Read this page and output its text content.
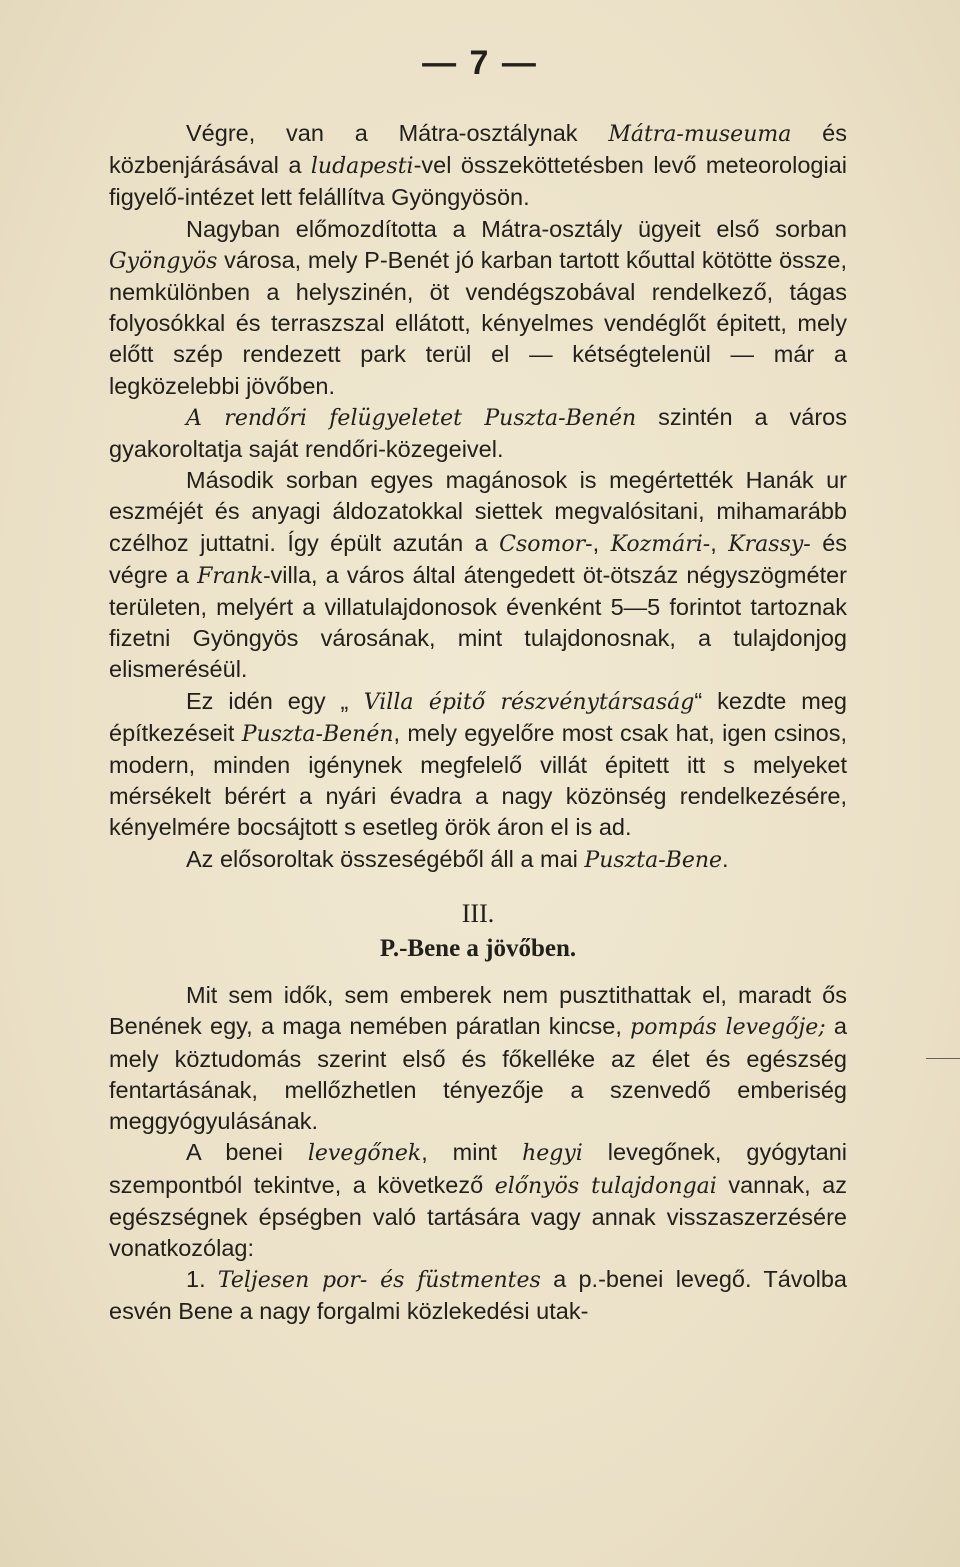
— 7 —

Végre, van a Mátra-osztálynak Mátra-museuma és közbenjárásával a ludapesti-vel összeköttetésben levő meteorologiai figyelő-intézet lett felállítva Gyöngyösön.

Nagyban előmozdította a Mátra-osztály ügyeit első sorban Gyöngyös városa, mely P-Benét jó karban tartott kőuttal kötötte össze, nemkülönben a helyszinén, öt vendégszobával rendelkező, tágas folyosókkal és terraszszal ellátott, kényelmes vendéglőt épitett, mely előtt szép rendezett park terül el — kétségtelenül — már a legközelebbi jövőben.

A rendőri felügyeletet Puszta-Benén szintén a város gyakoroltatja saját rendőri-közegeivel.

Második sorban egyes magánosok is megértették Hanák ur eszméjét és anyagi áldozatokkal siettek megvalósitani, mihamarább czélhoz juttatni. Így épült azután a Csomor-, Kozmári-, Krassy- és végre a Frank-villa, a város által átengedett öt-ötszáz négyszögméter területen, melyért a villatulajdonosok évenként 5—5 forintot tartoznak fizetni Gyöngyös városának, mint tulajdonosnak, a tulajdonjog elismeréséül.

Ez idén egy „ Villa épitő részvénytársaság“ kezdte meg építkezéseit Puszta-Benén, mely egyelőre most csak hat, igen csinos, modern, minden igénynek megfelelő villát épitett itt s melyeket mérsékelt bérért a nyári évadra a nagy közönség rendelkezésére, kényelmére bocsájtott s esetleg örök áron el is ad.

Az elősoroltak összeségéből áll a mai Puszta-Bene.

III.

P.-Bene a jövőben.

Mit sem idők, sem emberek nem pusztithattak el, maradt ős Benének egy, a maga nemében páratlan kincse, pompás levegője; a mely köztudomás szerint első és főkelléke az élet és egészség fentartásának, mellőzhetlen tényezője a szenvedő emberiség meggyógyulásának.

A benei levegőnek, mint hegyi levegőnek, gyógytani szempontból tekintve, a következő előnyös tulajdongai vannak, az egészségnek épségben való tartására vagy annak visszaszerzésére vonatkozólag:

1. Teljesen por- és füstmentes a p.-benei levegő. Távolba esvén Bene a nagy forgalmi közlekedési utak-
